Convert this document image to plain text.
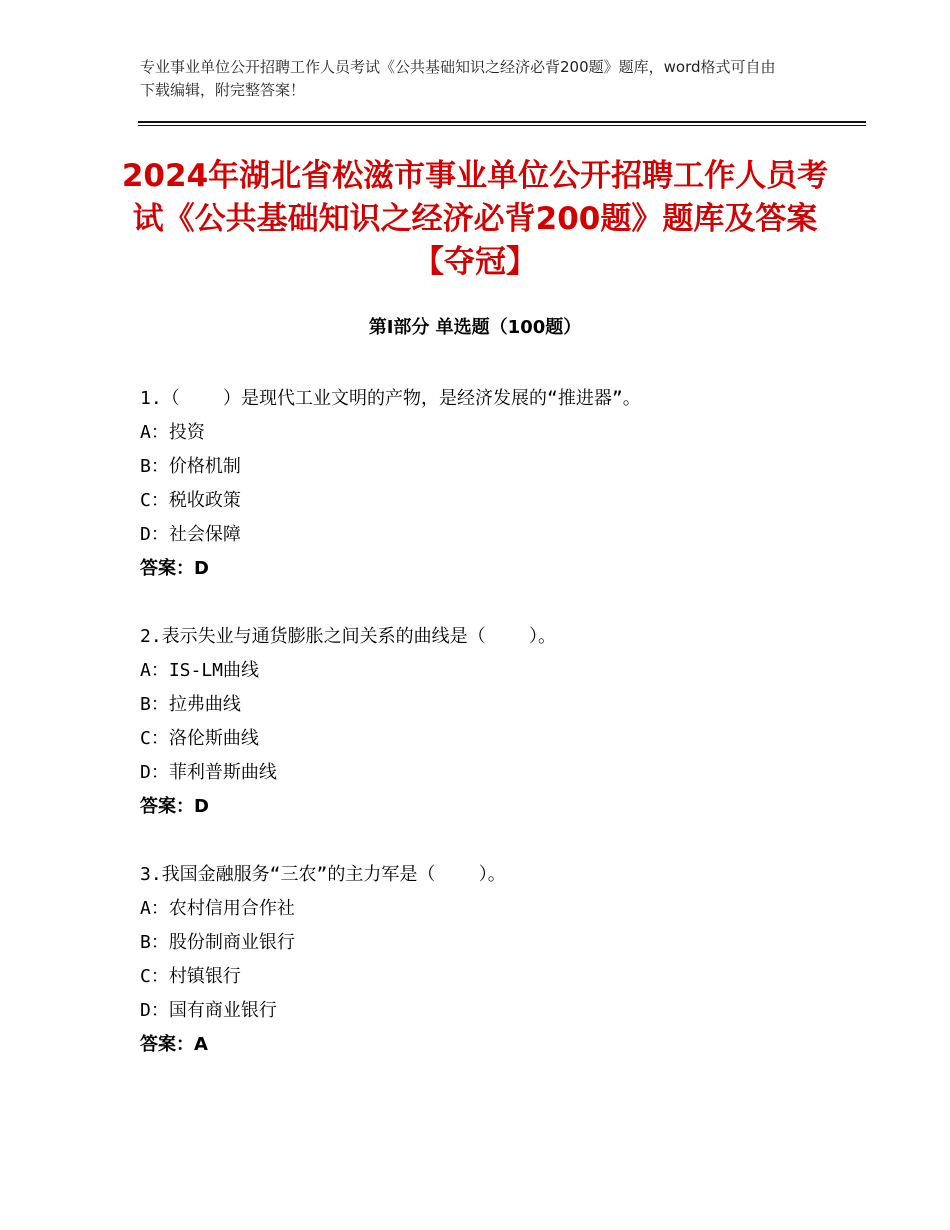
专业事业单位公开招聘工作人员考试《公共基础知识之经济必背200题》题库，word格式可自由下载编辑，附完整答案！
2024年湖北省松滋市事业单位公开招聘工作人员考试《公共基础知识之经济必背200题》题库及答案【夺冠】
第Ⅰ部分 单选题（100题）
1.（    ）是现代工业文明的产物，是经济发展的“推进器”。
A：投资
B：价格机制
C：税收政策
D：社会保障
答案：D
2.表示失业与通货膨胀之间关系的曲线是（    ）。
A：IS-LM曲线
B：拉弗曲线
C：洛伦斯曲线
D：菲利普斯曲线
答案：D
3.我国金融服务“三农”的主力军是（    ）。
A：农村信用合作社
B：股份制商业银行
C：村镇银行
D：国有商业银行
答案：A
